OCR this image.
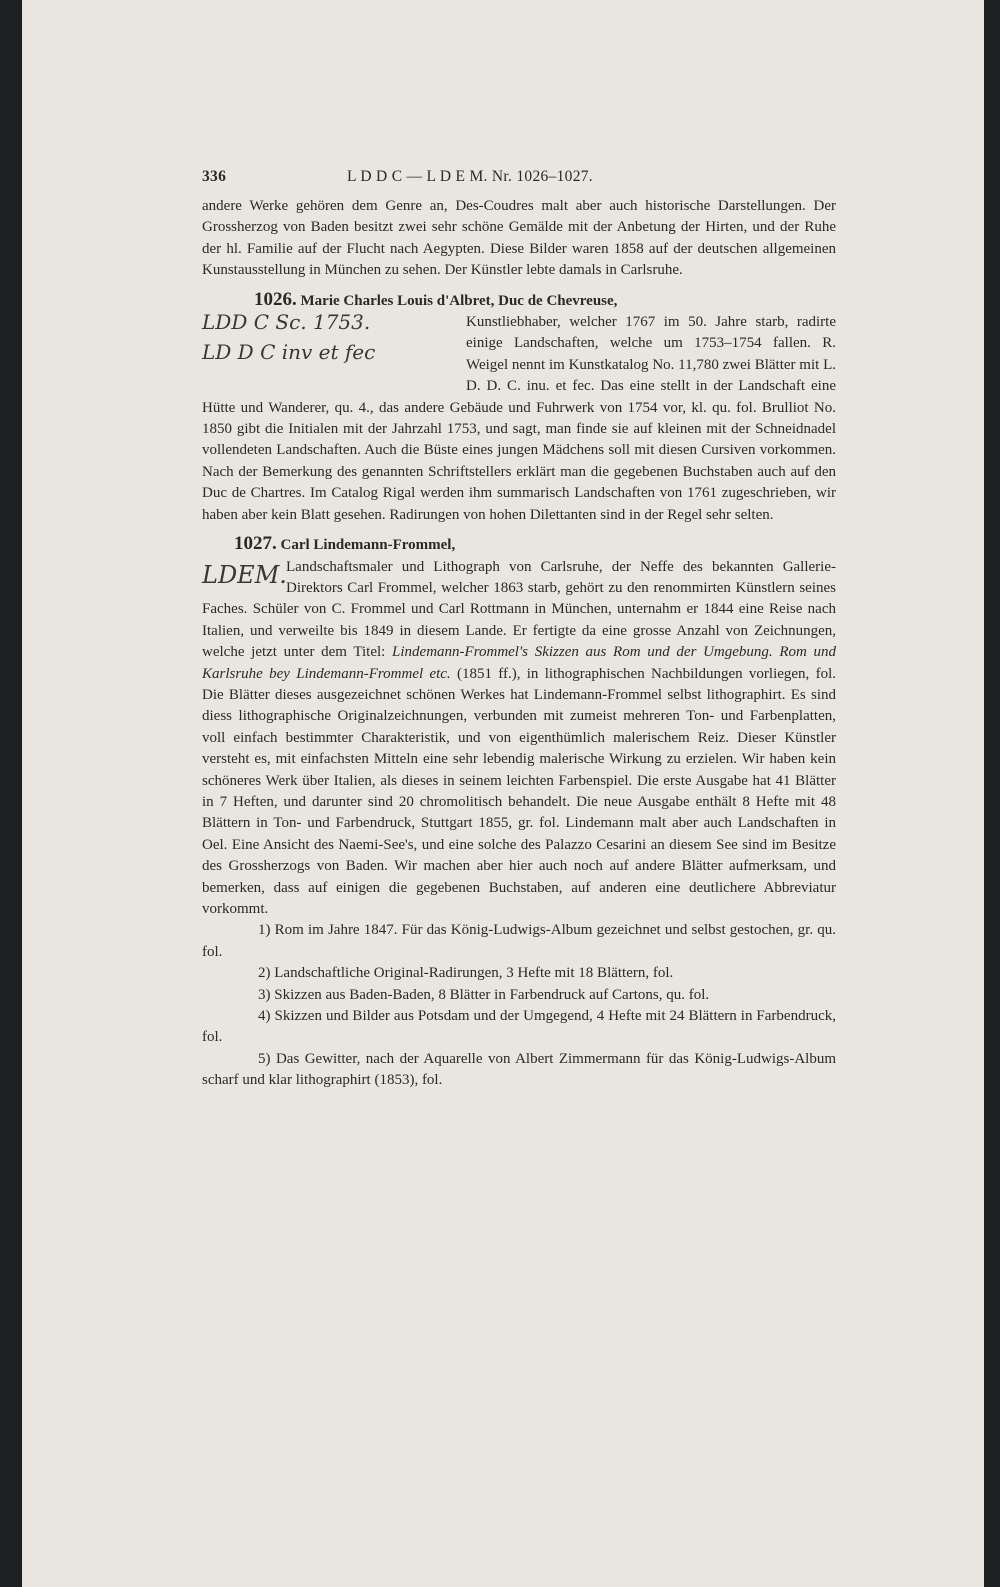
336	L D D C — L D E M. Nr. 1026–1027.

andere Werke gehören dem Genre an, Des-Coudres malt aber auch historische Darstellungen. Der Grossherzog von Baden besitzt zwei sehr schöne Gemälde mit der Anbetung der Hirten, und der Ruhe der hl. Familie auf der Flucht nach Aegypten. Diese Bilder waren 1858 auf der deutschen allgemeinen Kunstausstellung in München zu sehen. Der Künstler lebte damals in Carlsruhe.

1026. Marie Charles Louis d'Albret, Duc de Chevreuse,

LDD C Sc. 1753.
LD D C inv et fec

Kunstliebhaber, welcher 1767 im 50. Jahre starb, radirte einige Landschaften, welche um 1753–1754 fallen. R. Weigel nennt im Kunstkatalog No. 11,780 zwei Blätter mit L. D. D. C. inu. et fec. Das eine stellt in der Landschaft eine Hütte und Wanderer, qu. 4., das andere Gebäude und Fuhrwerk von 1754 vor, kl. qu. fol. Brulliot No. 1850 gibt die Initialen mit der Jahrzahl 1753, und sagt, man finde sie auf kleinen mit der Schneidnadel vollendeten Landschaften. Auch die Büste eines jungen Mädchens soll mit diesen Cursiven vorkommen. Nach der Bemerkung des genannten Schriftstellers erklärt man die gegebenen Buchstaben auch auf den Duc de Chartres. Im Catalog Rigal werden ihm summarisch Landschaften von 1761 zugeschrieben, wir haben aber kein Blatt gesehen. Radirungen von hohen Dilettanten sind in der Regel sehr selten.

1027. Carl Lindemann-Frommel,

LDEM. Landschaftsmaler und Lithograph von Carlsruhe, der Neffe des bekannten Gallerie-Direktors Carl Frommel, welcher 1863 starb, gehört zu den renommirten Künstlern seines Faches. Schüler von C. Frommel und Carl Rottmann in München, unternahm er 1844 eine Reise nach Italien, und verweilte bis 1849 in diesem Lande. Er fertigte da eine grosse Anzahl von Zeichnungen, welche jetzt unter dem Titel: Lindemann-Frommel's Skizzen aus Rom und der Umgebung. Rom und Karlsruhe bey Lindemann-Frommel etc. (1851 ff.), in lithographischen Nachbildungen vorliegen, fol. Die Blätter dieses ausgezeichnet schönen Werkes hat Lindemann-Frommel selbst lithographirt. Es sind diess lithographische Originalzeichnungen, verbunden mit zumeist mehreren Ton- und Farbenplatten, voll einfach bestimmter Charakteristik, und von eigenthümlich malerischem Reiz. Dieser Künstler versteht es, mit einfachsten Mitteln eine sehr lebendig malerische Wirkung zu erzielen. Wir haben kein schöneres Werk über Italien, als dieses in seinem leichten Farbenspiel. Die erste Ausgabe hat 41 Blätter in 7 Heften, und darunter sind 20 chromolitisch behandelt. Die neue Ausgabe enthält 8 Hefte mit 48 Blättern in Ton- und Farbendruck, Stuttgart 1855, gr. fol. Lindemann malt aber auch Landschaften in Oel. Eine Ansicht des Naemi-See's, und eine solche des Palazzo Cesarini an diesem See sind im Besitze des Grossherzogs von Baden. Wir machen aber hier auch noch auf andere Blätter aufmerksam, und bemerken, dass auf einigen die gegebenen Buchstaben, auf anderen eine deutlichere Abbreviatur vorkommt.

1) Rom im Jahre 1847. Für das König-Ludwigs-Album gezeichnet und selbst gestochen, gr. qu. fol.

2) Landschaftliche Original-Radirungen, 3 Hefte mit 18 Blättern, fol.

3) Skizzen aus Baden-Baden, 8 Blätter in Farbendruck auf Cartons, qu. fol.

4) Skizzen und Bilder aus Potsdam und der Umgegend, 4 Hefte mit 24 Blättern in Farbendruck, fol.

5) Das Gewitter, nach der Aquarelle von Albert Zimmermann für das König-Ludwigs-Album scharf und klar lithographirt (1853), fol.
